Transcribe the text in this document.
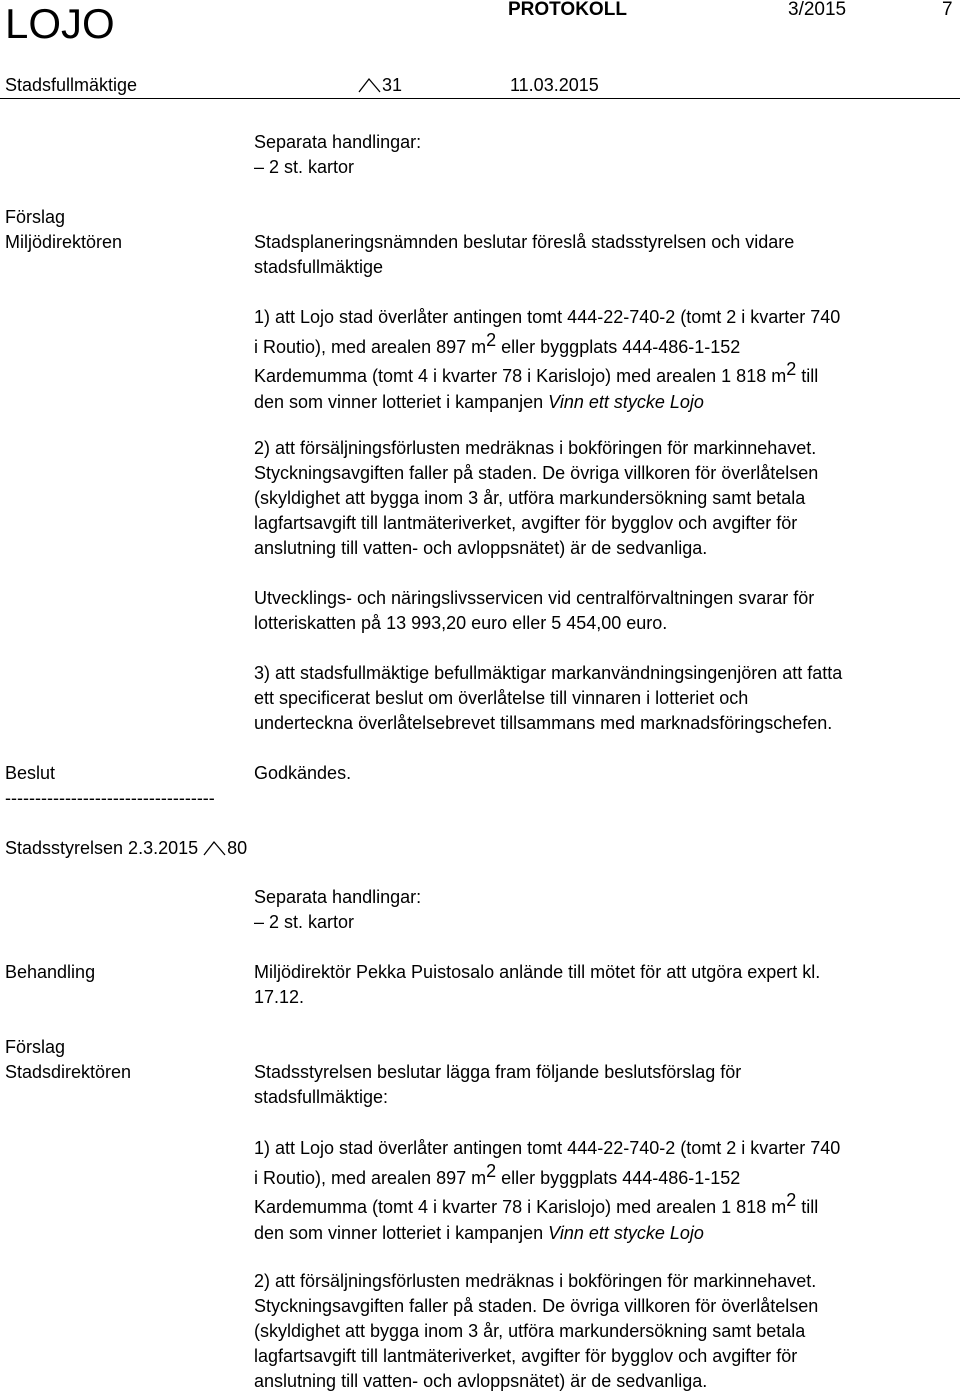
LOJO	PROTOKOLL	3/2015	7
Stadsfullmäktige	31	11.03.2015
Separata handlingar:
– 2 st. kartor
Förslag
Miljödirektören	Stadsplaneringsnämnden beslutar föreslå stadsstyrelsen och vidare
stadsfullmäktige
1) att Lojo stad överlåter antingen tomt 444-22-740-2 (tomt 2 i kvarter 740
i Routio), med arealen 897 $m^2$ eller byggplats 444-486-1-152
Kardemumma (tomt 4 i kvarter 78 i Karislojo) med arealen 1 818 $m^2$ till
den som vinner lotteriet i kampanjen Vinn ett stycke Lojo
2) att försäljningsförlusten medräknas i bokföringen för markinnehavet.
Styckningsavgiften faller på staden. De övriga villkoren för överlåtelsen
(skyldighet att bygga inom 3 år, utföra markundersökning samt betala
lagfartsavgift till lantmäteriverket, avgifter för bygglov och avgifter för
anslutning till vatten- och avloppsnätet) är de sedvanliga.
Utvecklings- och näringslivsservicen vid centralförvaltningen svarar för
lotteriskatten på 13 993,20 euro eller 5 454,00 euro.
3) att stadsfullmäktige befullmäktigar markanvändningsingenjören att fatta
ett specificerat beslut om överlåtelse till vinnaren i lotteriet och
underteckna överlåtelsebrevet tillsammans med marknadsföringschefen.
Beslut	Godkändes.
-----------------------------------
Stadsstyrelsen 2.3.2015 80
Separata handlingar:
– 2 st. kartor
Behandling	Miljödirektör Pekka Puistosalo anlände till mötet för att utgöra expert kl.
17.12.
Förslag
Stadsdirektören	Stadsstyrelsen beslutar lägga fram följande beslutsförslag för
stadsfullmäktige:
1) att Lojo stad överlåter antingen tomt 444-22-740-2 (tomt 2 i kvarter 740
i Routio), med arealen 897 $m^2$ eller byggplats 444-486-1-152
Kardemumma (tomt 4 i kvarter 78 i Karislojo) med arealen 1 818 $m^2$ till
den som vinner lotteriet i kampanjen Vinn ett stycke Lojo
2) att försäljningsförlusten medräknas i bokföringen för markinnehavet.
Styckningsavgiften faller på staden. De övriga villkoren för överlåtelsen
(skyldighet att bygga inom 3 år, utföra markundersökning samt betala
lagfartsavgift till lantmäteriverket, avgifter för bygglov och avgifter för
anslutning till vatten- och avloppsnätet) är de sedvanliga.
